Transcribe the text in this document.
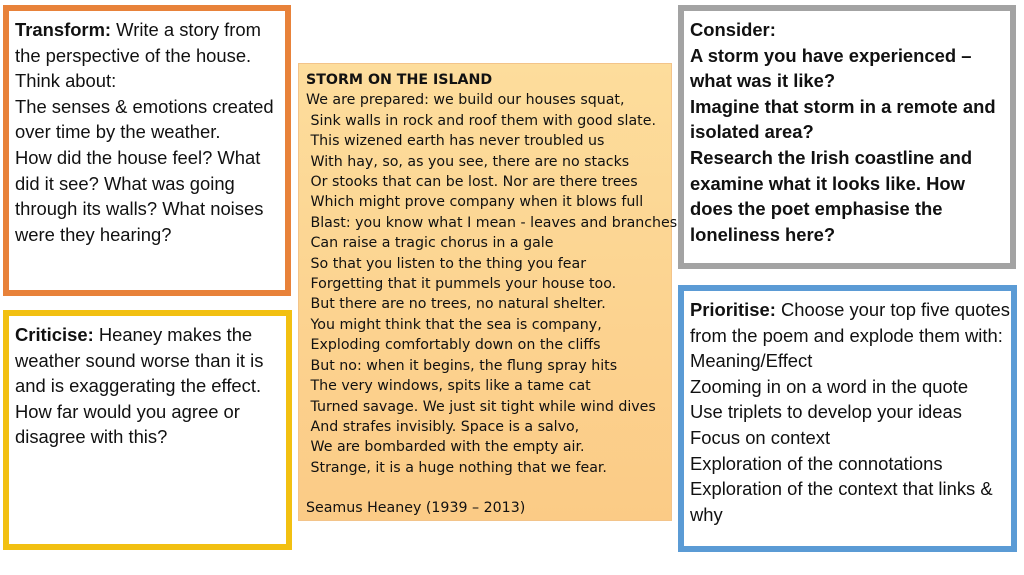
Transform: Write a story from the perspective of the house.

Think about:

The senses & emotions created over time by the weather.

How did the house feel? What did it see? What was going through its walls? What noises were they hearing?

Criticise: Heaney makes the weather sound worse than it is and is exaggerating the effect. How far would you agree or disagree with this?

STORM ON THE ISLAND

We are prepared: we build our houses squat,

Sink walls in rock and roof them with good slate.

This wizened earth has never troubled us

With hay, so, as you see, there are no stacks

Or stooks that can be lost. Nor are there trees

Which might prove company when it blows full

Blast: you know what I mean - leaves and branches

Can raise a tragic chorus in a gale

So that you listen to the thing you fear

Forgetting that it pummels your house too.

But there are no trees, no natural shelter.

You might think that the sea is company,

Exploding comfortably down on the cliffs

But no: when it begins, the flung spray hits

The very windows, spits like a tame cat

Turned savage. We just sit tight while wind dives

And strafes invisibly. Space is a salvo,

We are bombarded with the empty air.

Strange, it is a huge nothing that we fear.

Seamus Heaney (1939 – 2013)

Consider:

A storm you have experienced – what was it like?

Imagine that storm in a remote and isolated area?

Research the Irish coastline and examine what it looks like. How does the poet emphasise the loneliness here?

Prioritise: Choose your top five quotes from the poem and explode them with:

Meaning/Effect

Zooming in on a word in the quote

Use triplets to develop your ideas

Focus on context

Exploration of the connotations

Exploration of the context that links & why
